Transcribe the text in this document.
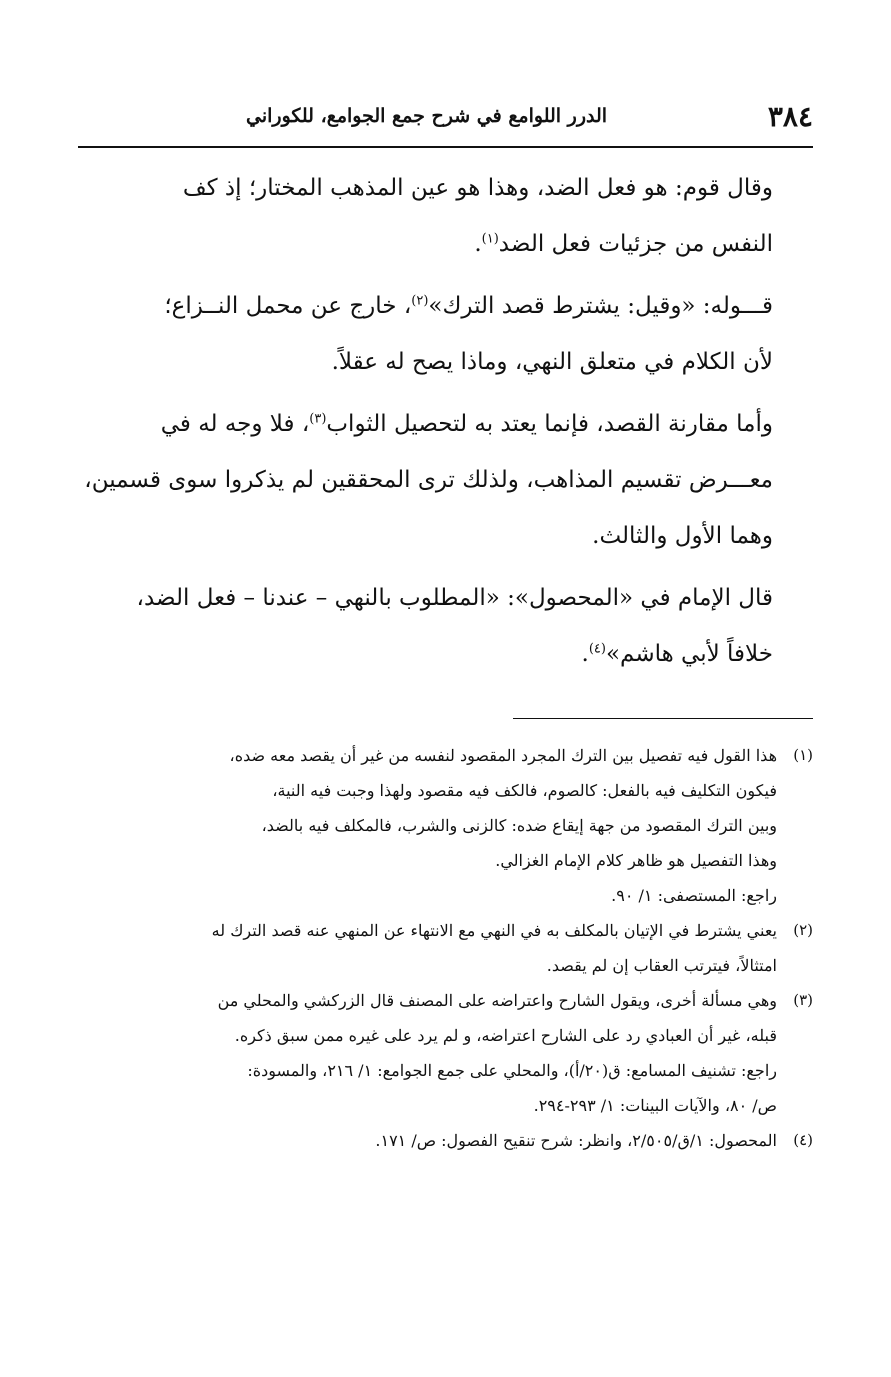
٣٨٤
الدرر اللوامع في شرح جمع الجوامع، للكوراني
وقال قوم: هو فعل الضد، وهذا هو عين المذهب المختار؛ إذ كف
النفس من جزئيات فعل الضد$^{(١)}$.
قـــوله: «وقيل: يشترط قصد الترك»$^{(٢)}$، خارج عن محمل النــزاع؛
لأن الكلام في متعلق النهي، وماذا يصح له عقلاً.
وأما مقارنة القصد، فإنما يعتد به لتحصيل الثواب$^{(٣)}$، فلا وجه له في
معـــرض تقسيم المذاهب، ولذلك ترى المحققين لم يذكروا سوى قسمين،
وهما الأول والثالث.
قال الإمام في «المحصول»: «المطلوب بالنهي – عندنا – فعل الضد،
خلافاً لأبي هاشم»$^{(٤)}$.
(١)
هذا القول فيه تفصيل بين الترك المجرد المقصود لنفسه من غير أن يقصد معه ضده،
فيكون التكليف فيه بالفعل: كالصوم، فالكف فيه مقصود ولهذا وجبت فيه النية،
وبين الترك المقصود من جهة إيقاع ضده: كالزنى والشرب، فالمكلف فيه بالضد،
وهذا التفصيل هو ظاهر كلام الإمام الغزالي.
راجع: المستصفى: ١/ ٩٠.
(٢)
يعني يشترط في الإتيان بالمكلف به في النهي مع الانتهاء عن المنهي عنه قصد الترك له
امتثالاً، فيترتب العقاب إن لم يقصد.
(٣)
وهي مسألة أخرى، ويقول الشارح واعتراضه على المصنف قال الزركشي والمحلي من
قبله، غير أن العبادي رد على الشارح اعتراضه، و لم يرد على غيره ممن سبق ذكره.
راجع: تشنيف المسامع: ق(٢٠/أ)، والمحلي على جمع الجوامع: ١/ ٢١٦، والمسودة:
ص/ ٨٠، والآيات البينات: ١/ ٢٩٣-٢٩٤.
(٤)
المحصول: ١/ق/٢/٥٠٥، وانظر: شرح تنقيح الفصول: ص/ ١٧١.
